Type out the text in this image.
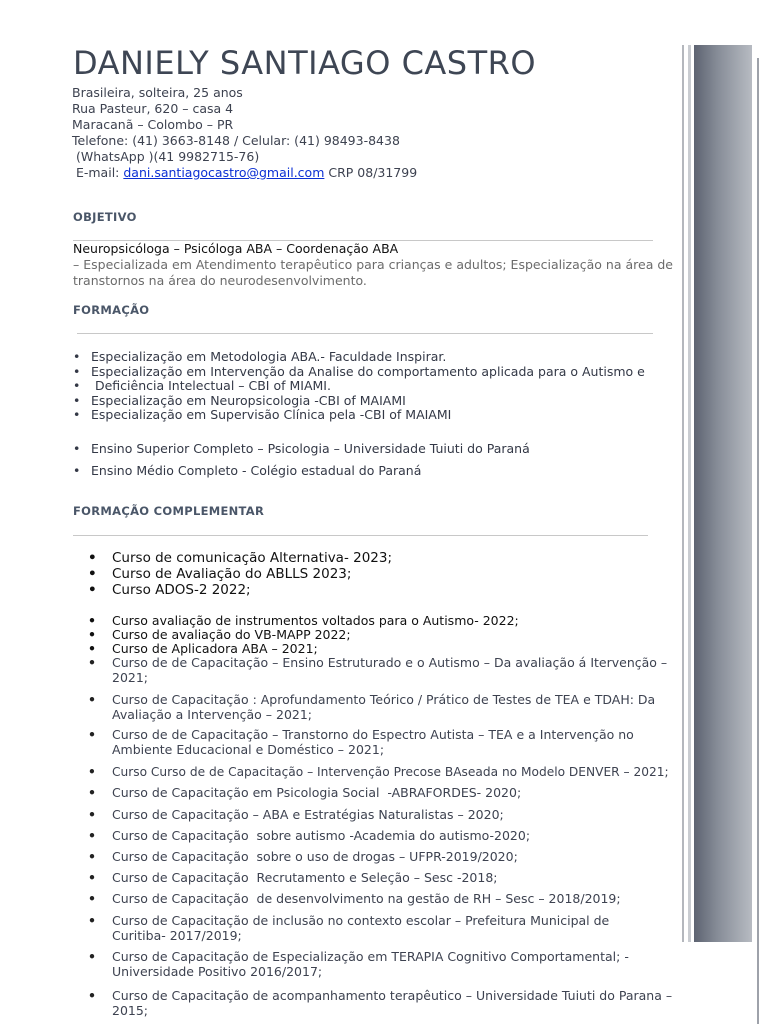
DANIELY SANTIAGO CASTRO
Brasileira, solteira, 25 anos
Rua Pasteur, 620 – casa 4
Maracanã – Colombo – PR
Telefone: (41) 3663-8148 / Celular: (41) 98493-8438
(WhatsApp )(41 9982715-76)
E-mail: dani.santiagocastro@gmail.com CRP 08/31799
OBJETIVO
Neuropsicóloga – Psicóloga ABA – Coordenação ABA
– Especializada em Atendimento terapêutico para crianças e adultos; Especialização na área de transtornos na área do neurodesenvolvimento.
FORMAÇÃO
• Especialização em Metodologia ABA.- Faculdade Inspirar.
• Especialização em Intervenção da Analise do comportamento aplicada para o Autismo e
•  Deficiência Intelectual – CBI of MIAMI.
• Especialização em Neuropsicologia -CBI of MAIAMI
• Especialização em Supervisão Clínica pela -CBI of MAIAMI
• Ensino Superior Completo – Psicologia – Universidade Tuiuti do Paraná
• Ensino Médio Completo - Colégio estadual do Paraná
FORMAÇÃO COMPLEMENTAR
• Curso de comunicação Alternativa- 2023;
• Curso de Avaliação do ABLLS 2023;
• Curso ADOS-2 2022;
• Curso avaliação de instrumentos voltados para o Autismo- 2022;
• Curso de avaliação do VB-MAPP 2022;
• Curso de Aplicadora ABA – 2021;
• Curso de de Capacitação – Ensino Estruturado e o Autismo – Da avaliação á Itervenção – 2021;
• Curso de Capacitação : Aprofundamento Teórico / Prático de Testes de TEA e TDAH: Da Avaliação a Intervenção – 2021;
• Curso de de Capacitação – Transtorno do Espectro Autista – TEA e a Intervenção no Ambiente Educacional e Doméstico – 2021;
• Curso Curso de de Capacitação – Intervenção Precose BAseada no Modelo DENVER – 2021;
• Curso de Capacitação em Psicologia Social  -ABRAFORDES- 2020;
• Curso de Capacitação – ABA e Estratégias Naturalistas – 2020;
• Curso de Capacitação  sobre autismo -Academia do autismo-2020;
• Curso de Capacitação  sobre o uso de drogas – UFPR-2019/2020;
• Curso de Capacitação  Recrutamento e Seleção – Sesc -2018;
• Curso de Capacitação  de desenvolvimento na gestão de RH – Sesc – 2018/2019;
• Curso de Capacitação de inclusão no contexto escolar – Prefeitura Municipal de Curitiba- 2017/2019;
• Curso de Capacitação de Especialização em TERAPIA Cognitivo Comportamental; - Universidade Positivo 2016/2017;
• Curso de Capacitação de acompanhamento terapêutico – Universidade Tuiuti do Parana – 2015;
